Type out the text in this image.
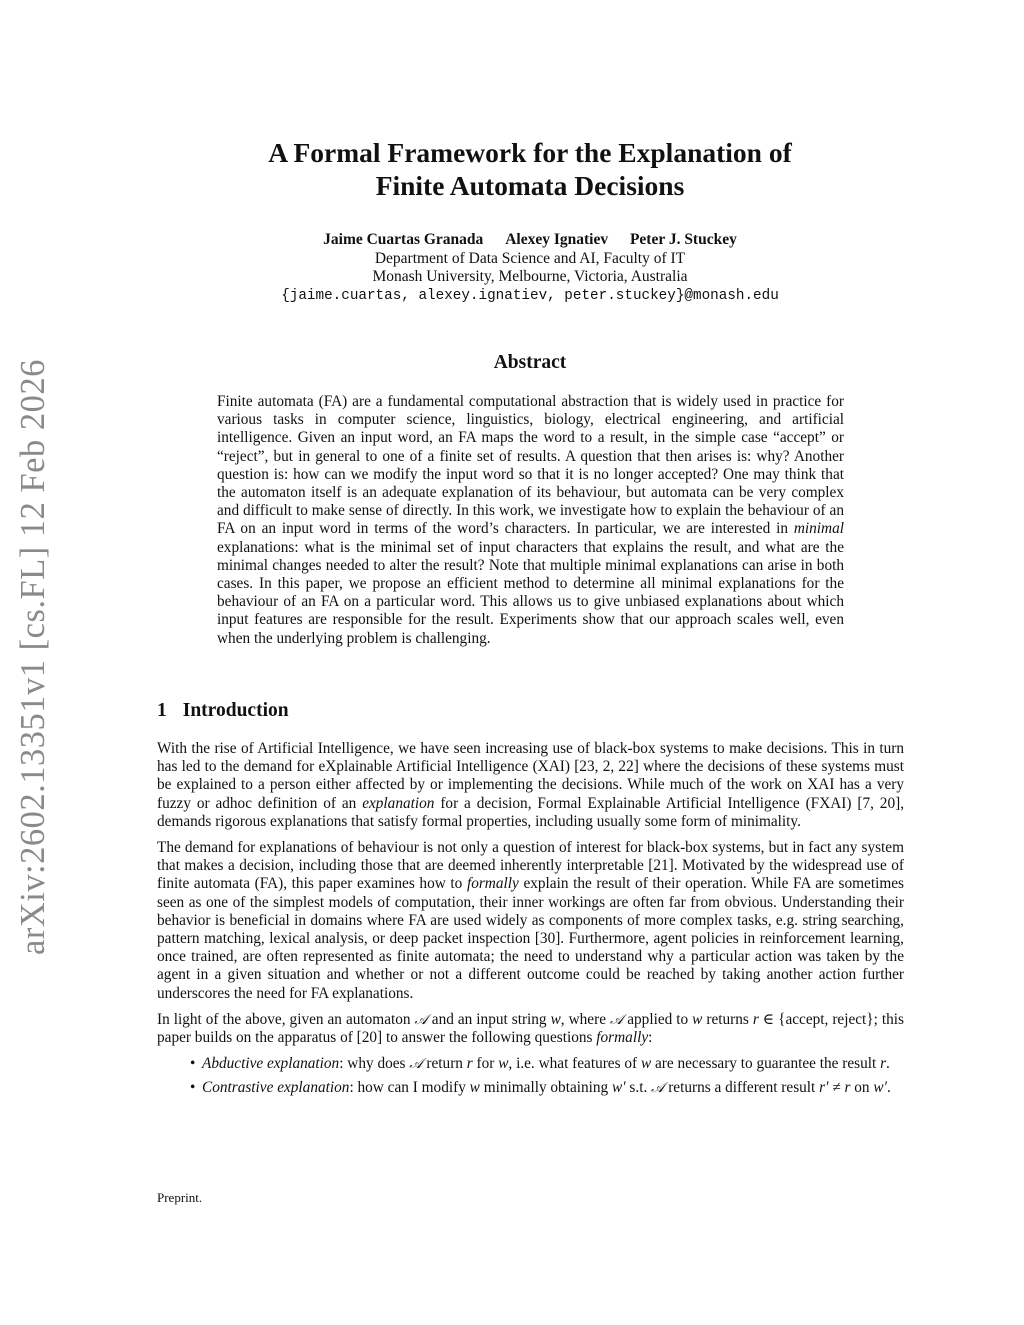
arXiv:2602.13351v1 [cs.FL] 12 Feb 2026
A Formal Framework for the Explanation of
Finite Automata Decisions
Jaime Cuartas Granada Alexey Ignatiev Peter J. Stuckey
Department of Data Science and AI, Faculty of IT
Monash University, Melbourne, Victoria, Australia
{jaime.cuartas, alexey.ignatiev, peter.stuckey}@monash.edu
Abstract
Finite automata (FA) are a fundamental computational abstraction that is widely used in practice for various tasks in computer science, linguistics, biology, electrical engineering, and artificial intelligence. Given an input word, an FA maps the word to a result, in the simple case “accept” or “reject”, but in general to one of a finite set of results. A question that then arises is: why? Another question is: how can we modify the input word so that it is no longer accepted? One may think that the automaton itself is an adequate explanation of its behaviour, but automata can be very complex and difficult to make sense of directly. In this work, we investigate how to explain the behaviour of an FA on an input word in terms of the word’s characters. In particular, we are interested in minimal explanations: what is the minimal set of input characters that explains the result, and what are the minimal changes needed to alter the result? Note that multiple minimal explanations can arise in both cases. In this paper, we propose an efficient method to determine all minimal explanations for the behaviour of an FA on a particular word. This allows us to give unbiased explanations about which input features are responsible for the result. Experiments show that our approach scales well, even when the underlying problem is challenging.
1 Introduction

With the rise of Artificial Intelligence, we have seen increasing use of black-box systems to make decisions. This in turn has led to the demand for eXplainable Artificial Intelligence (XAI) [23, 2, 22] where the decisions of these systems must be explained to a person either affected by or implementing the decisions. While much of the work on XAI has a very fuzzy or adhoc definition of an explanation for a decision, Formal Explainable Artificial Intelligence (FXAI) [7, 20], demands rigorous explanations that satisfy formal properties, including usually some form of minimality.

The demand for explanations of behaviour is not only a question of interest for black-box systems, but in fact any system that makes a decision, including those that are deemed inherently interpretable [21]. Motivated by the widespread use of finite automata (FA), this paper examines how to formally explain the result of their operation. While FA are sometimes seen as one of the simplest models of computation, their inner workings are often far from obvious. Understanding their behavior is beneficial in domains where FA are used widely as components of more complex tasks, e.g. string searching, pattern matching, lexical analysis, or deep packet inspection [30]. Furthermore, agent policies in reinforcement learning, once trained, are often represented as finite automata; the need to understand why a particular action was taken by the agent in a given situation and whether or not a different outcome could be reached by taking another action further underscores the need for FA explanations.

In light of the above, given an automaton 𝒜 and an input string w, where 𝒜 applied to w returns r ∈ {accept, reject}; this paper builds on the apparatus of [20] to answer the following questions formally:

• Abductive explanation: why does 𝒜 return r for w, i.e. what features of w are necessary to guarantee the result r.
• Contrastive explanation: how can I modify w minimally obtaining w′ s.t. 𝒜 returns a different result r′ ≠ r on w′.
Preprint.
